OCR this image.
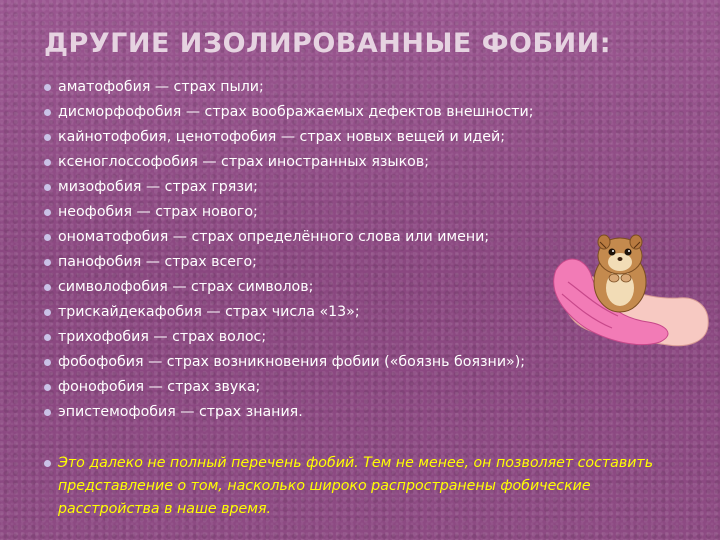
ДРУГИЕ ИЗОЛИРОВАННЫЕ ФОБИИ:
аматофобия — страх пыли;
дисморфофобия — страх воображаемых дефектов внешности;
кайнотофобия, ценотофобия — страх новых вещей и идей;
ксеноглоссофобия — страх иностранных языков;
мизофобия — страх грязи;
неофобия — страх нового;
ономатофобия — страх определённого слова или имени;
панофобия — страх всего;
символофобия — страх символов;
трискайдекафобия — страх числа «13»;
трихофобия — страх волос;
фобофобия — страх возникновения фобии («боязнь боязни»);
фонофобия — страх звука;
эпистемофобия — страх знания.
Это далеко не полный перечень фобий. Тем не менее, он позволяет составить представление о том, насколько широко распространены фобические расстройства в наше время.
